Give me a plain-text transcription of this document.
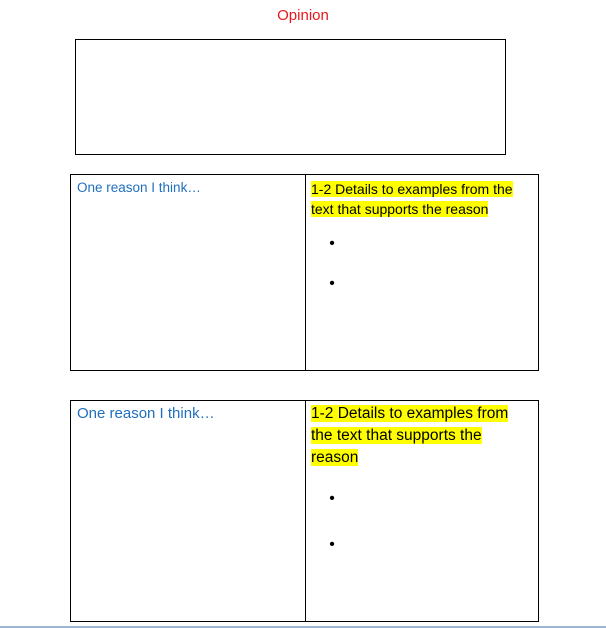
Opinion
One reason I think…	1-2 Details to examples from the
text that supports the reason
•
•
One reason I think…	1-2 Details to examples from
the text that supports the
reason
•
•
